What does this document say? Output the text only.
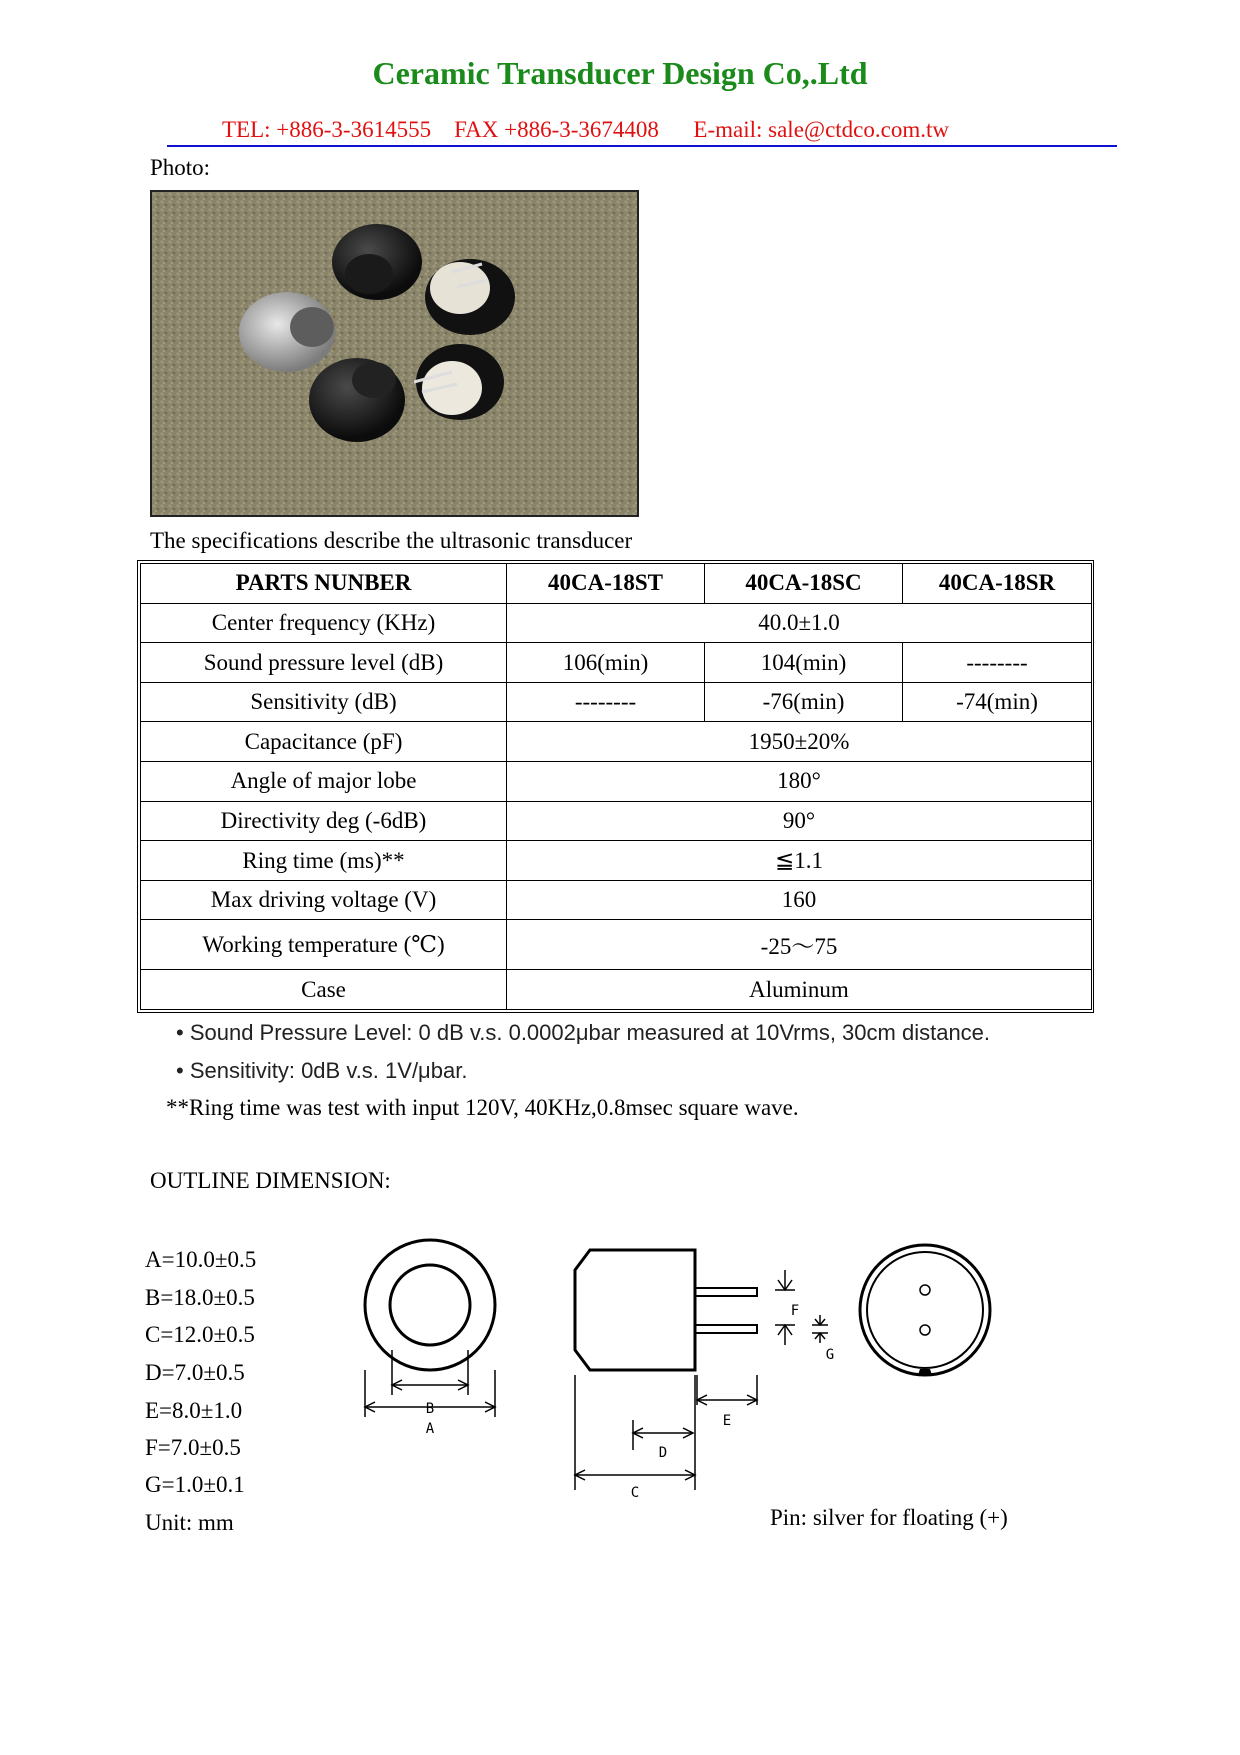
Ceramic Transducer Design Co,.Ltd
TEL: +886-3-3614555    FAX +886-3-3674408      E-mail: sale@ctdco.com.tw
Photo:
The specifications describe the ultrasonic transducer
PARTS NUNBER	40CA-18ST	40CA-18SC	40CA-18SR
Center frequency (KHz)	40.0±1.0		
Sound pressure level (dB)	106(min)	104(min)	--------
Sensitivity (dB)	--------	-76(min)	-74(min)
Capacitance (pF)	1950±20%		
Angle of major lobe	180°		
Directivity deg (-6dB)	90°		
Ring time (ms)**	≦1.1		
Max driving voltage (V)	160		
Working temperature (℃)	-25～75		
Case	Aluminum		
• Sound Pressure Level: 0 dB v.s. 0.0002μbar measured at 10Vrms, 30cm distance.
• Sensitivity: 0dB v.s. 1V/μbar.
**Ring time was test with input 120V, 40KHz,0.8msec square wave.
OUTLINE DIMENSION:
A=10.0±0.5
B=18.0±0.5
C=12.0±0.5
D=7.0±0.5
E=8.0±1.0
F=7.0±0.5
G=1.0±0.1
Unit: mm
A
B
F
G
E
D
C
Pin: silver for floating (+)
